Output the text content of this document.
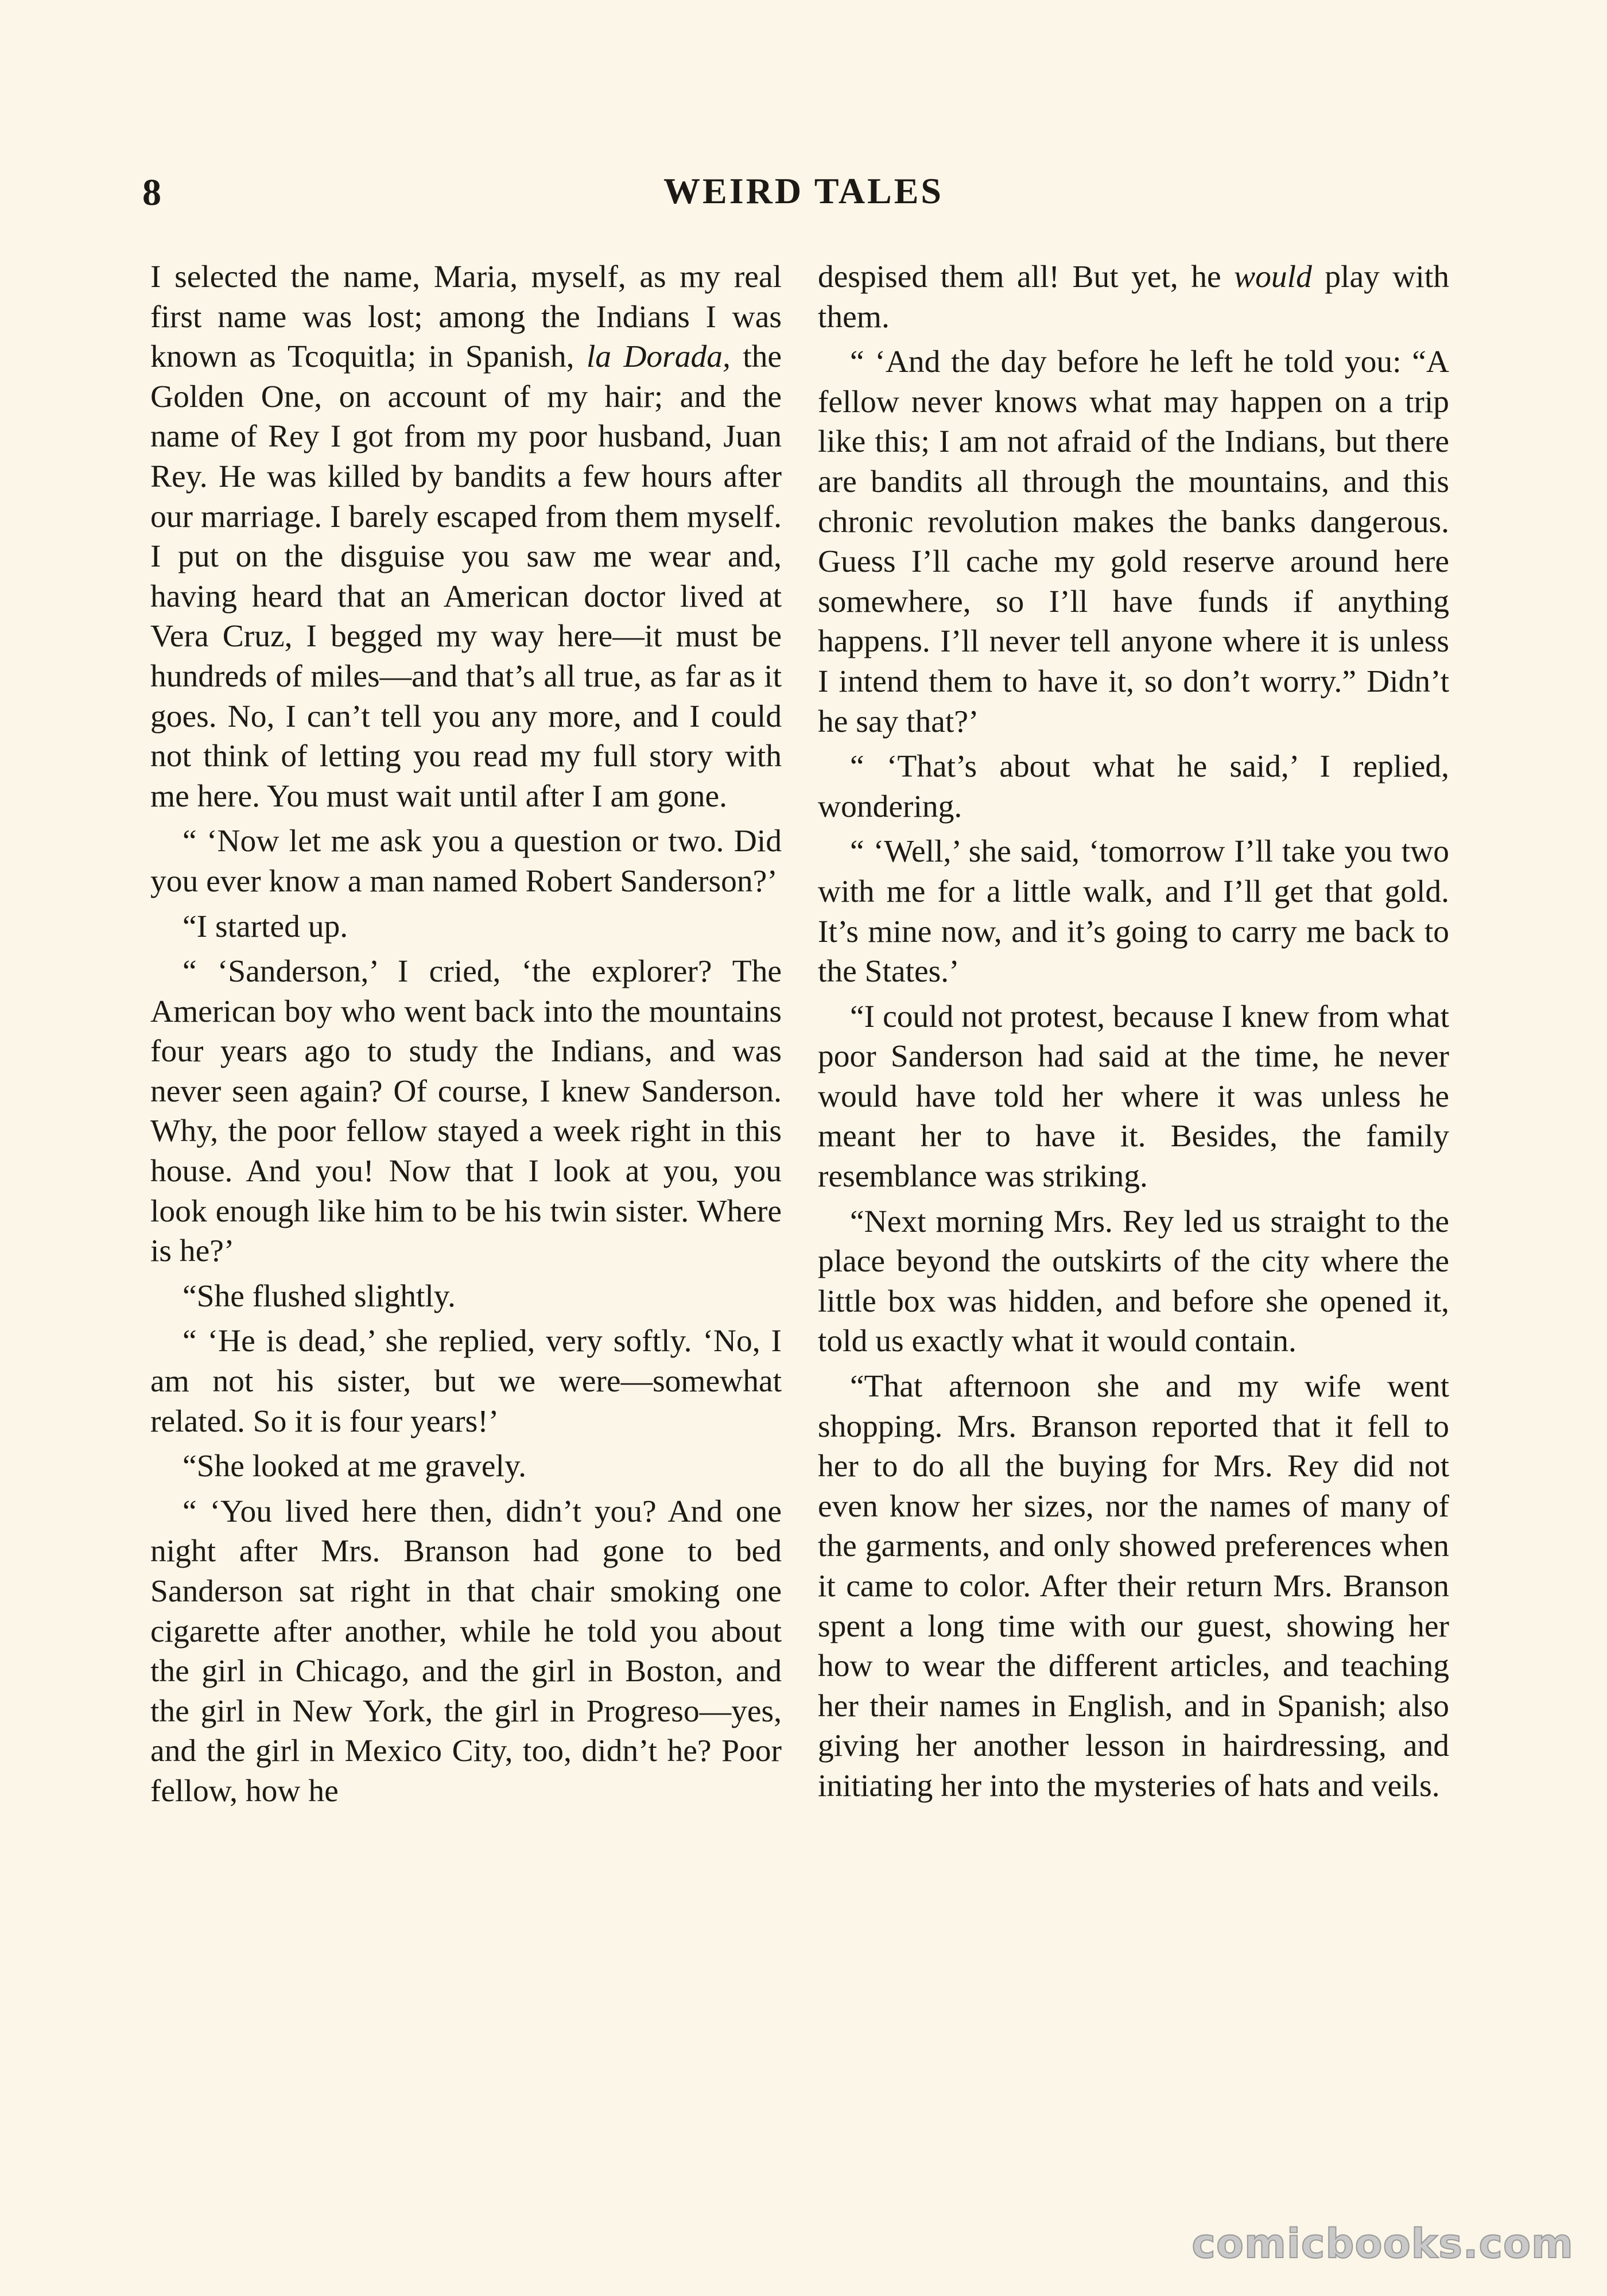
8	WEIRD TALES

I selected the name, Maria, myself, as my real first name was lost; among the Indians I was known as Tcoquitla; in Spanish, la Dorada, the Golden One, on account of my hair; and the name of Rey I got from my poor husband, Juan Rey. He was killed by bandits a few hours after our marriage. I barely escaped from them myself. I put on the disguise you saw me wear and, having heard that an American doctor lived at Vera Cruz, I begged my way here—it must be hundreds of miles—and that’s all true, as far as it goes. No, I can’t tell you any more, and I could not think of letting you read my full story with me here. You must wait until after I am gone.

“ ‘Now let me ask you a question or two. Did you ever know a man named Robert Sanderson?’

“I started up.

“ ‘Sanderson,’ I cried, ‘the explorer? The American boy who went back into the mountains four years ago to study the Indians, and was never seen again? Of course, I knew Sanderson. Why, the poor fellow stayed a week right in this house. And you! Now that I look at you, you look enough like him to be his twin sister. Where is he?’

“She flushed slightly.

“ ‘He is dead,’ she replied, very softly. ‘No, I am not his sister, but we were—somewhat related. So it is four years!’

“She looked at me gravely.

“ ‘You lived here then, didn’t you? And one night after Mrs. Branson had gone to bed Sanderson sat right in that chair smoking one cigarette after another, while he told you about the girl in Chicago, and the girl in Boston, and the girl in New York, the girl in Progreso—yes, and the girl in Mexico City, too, didn’t he? Poor fellow, how he

despised them all! But yet, he would play with them.

“ ‘And the day before he left he told you: “A fellow never knows what may happen on a trip like this; I am not afraid of the Indians, but there are bandits all through the mountains, and this chronic revolution makes the banks dangerous. Guess I’ll cache my gold reserve around here somewhere, so I’ll have funds if anything happens. I’ll never tell anyone where it is unless I intend them to have it, so don’t worry.” Didn’t he say that?’

“ ‘That’s about what he said,’ I replied, wondering.

“ ‘Well,’ she said, ‘tomorrow I’ll take you two with me for a little walk, and I’ll get that gold. It’s mine now, and it’s going to carry me back to the States.’

“I could not protest, because I knew from what poor Sanderson had said at the time, he never would have told her where it was unless he meant her to have it. Besides, the family resemblance was striking.

“Next morning Mrs. Rey led us straight to the place beyond the outskirts of the city where the little box was hidden, and before she opened it, told us exactly what it would contain.

“That afternoon she and my wife went shopping. Mrs. Branson reported that it fell to her to do all the buying for Mrs. Rey did not even know her sizes, nor the names of many of the garments, and only showed preferences when it came to color. After their return Mrs. Branson spent a long time with our guest, showing her how to wear the different articles, and teaching her their names in English, and in Spanish; also giving her another lesson in hairdressing, and initiating her into the mysteries of hats and veils.

comicbooks.com
